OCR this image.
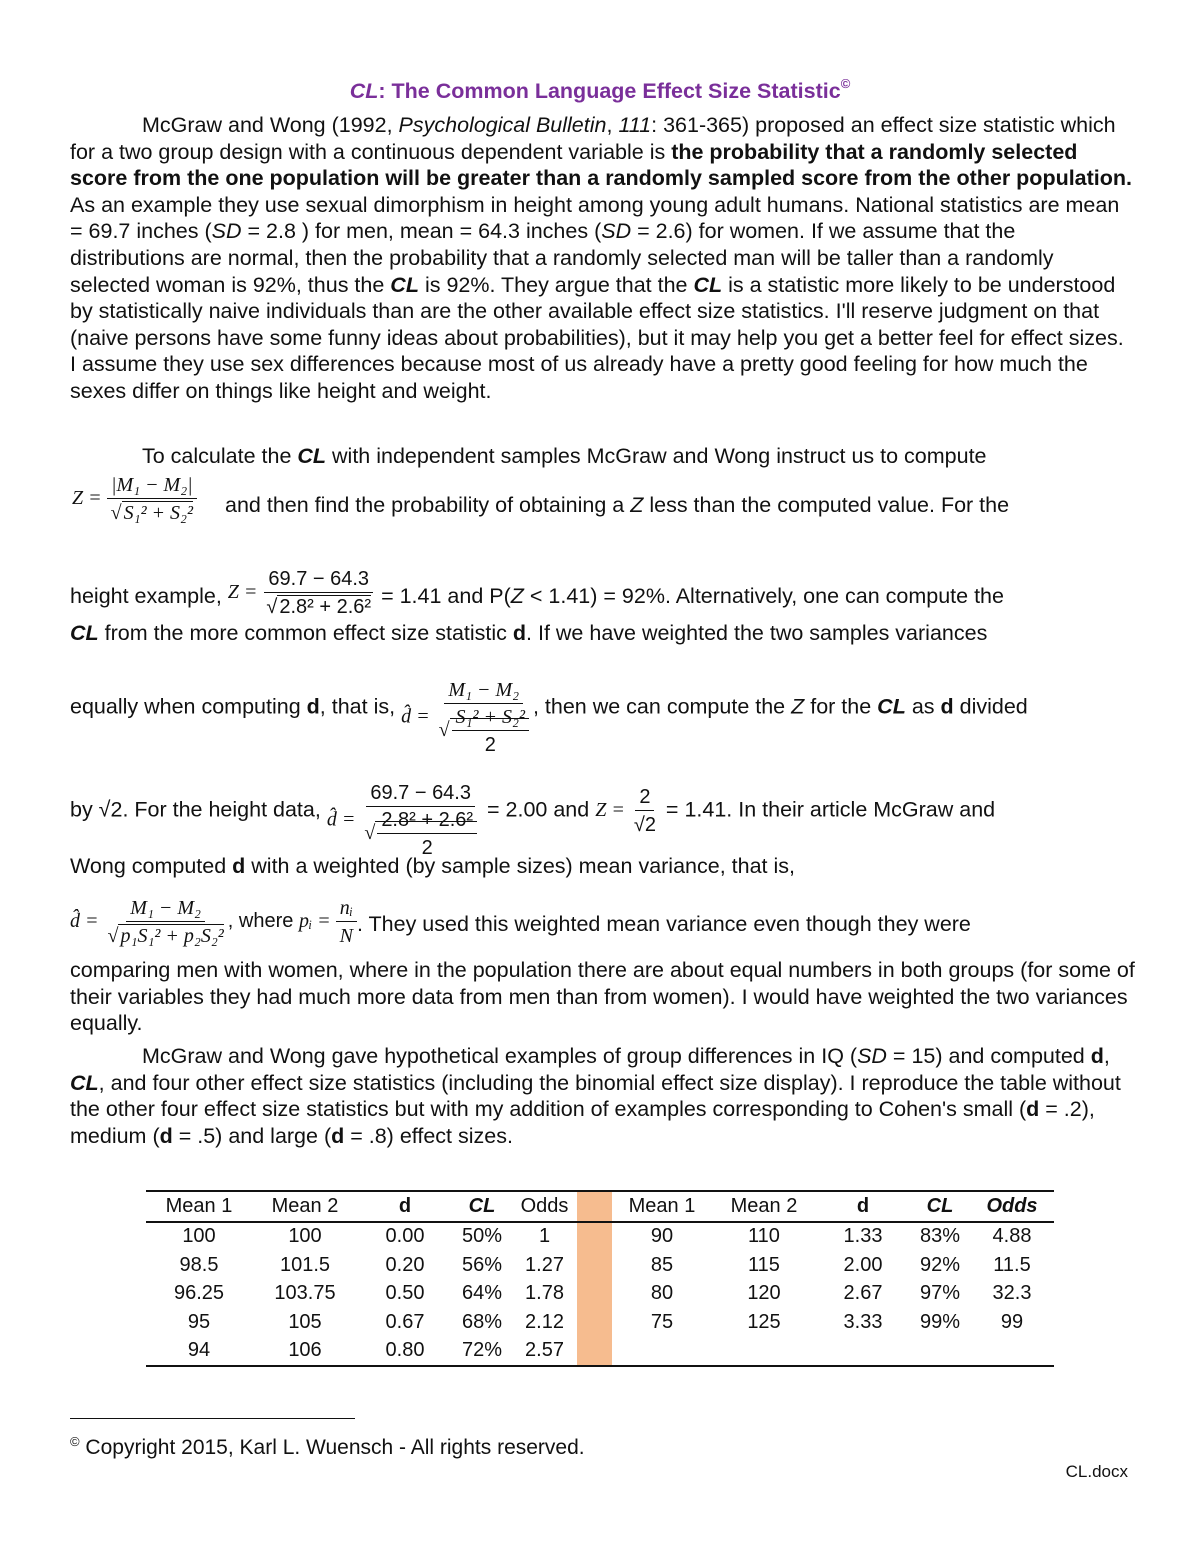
CL: The Common Language Effect Size Statistic©

McGraw and Wong (1992, Psychological Bulletin, 111: 361-365) proposed an effect size statistic which for a two group design with a continuous dependent variable is the probability that a randomly selected score from the one population will be greater than a randomly sampled score from the other population. As an example they use sexual dimorphism in height among young adult humans. National statistics are mean = 69.7 inches (SD = 2.8 ) for men, mean = 64.3 inches (SD = 2.6) for women. If we assume that the distributions are normal, then the probability that a randomly selected man will be taller than a randomly selected woman is 92%, thus the CL is 92%. They argue that the CL is a statistic more likely to be understood by statistically naive individuals than are the other available effect size statistics. I'll reserve judgment on that (naive persons have some funny ideas about probabilities), but it may help you get a better feel for effect sizes. I assume they use sex differences because most of us already have a pretty good feeling for how much the sexes differ on things like height and weight.

To calculate the CL with independent samples McGraw and Wong instruct us to compute
$Z = \frac{\text{|M₁ − M₂|}}{\text{√ S₁² + S₂²}}$ and then find the probability of obtaining a Z less than the computed value. For the
height example, $Z = \frac{69.7 - 64.3}{\text{√ 2.8² + 2.6²}} = 1.41$ and P(Z < 1.41) = 92%. Alternatively, one can compute the
CL from the more common effect size statistic d. If we have weighted the two samples variances
equally when computing d, that is, d̂ = $\frac{\text{M₁ − M₂}}{√ \frac{\text{S₁² + S₂²}}{2}}$ , then we can compute the Z for the CL as d divided
by √2. For the height data, d̂ = $\frac{69.7 - 64.3}{√ \frac{\text{2.8² + 2.6²}}{2}} = 2.00$ and $Z = \frac{2}{√2} = 1.41$. In their article McGraw and
Wong computed d with a weighted (by sample sizes) mean variance, that is,
d̂ = $\frac{\text{M₁ − M₂}}{\text{√ p₁S₁² + p₂S₂²}}$ , where pᵢ = $\frac{\text{nᵢ}}{N}$ . They used this weighted mean variance even though they were

comparing men with women, where in the population there are about equal numbers in both groups (for some of their variables they had much more data from men than from women). I would have weighted the two variances equally.

McGraw and Wong gave hypothetical examples of group differences in IQ (SD = 15) and computed d, CL, and four other effect size statistics (including the binomial effect size display). I reproduce the table without the other four effect size statistics but with my addition of examples corresponding to Cohen's small (d = .2), medium (d = .5) and large (d = .8) effect sizes.

Mean 1	Mean 2	d	CL	Odds		Mean 1	Mean 2	d	CL	Odds
100	100	0.00	50%	1		90	110	1.33	83%	4.88
98.5	101.5	0.20	56%	1.27		85	115	2.00	92%	11.5
96.25	103.75	0.50	64%	1.78		80	120	2.67	97%	32.3
95	105	0.67	68%	2.12		75	125	3.33	99%	99
94	106	0.80	72%	2.57						
© Copyright 2015, Karl L. Wuensch - All rights reserved.
CL.docx
